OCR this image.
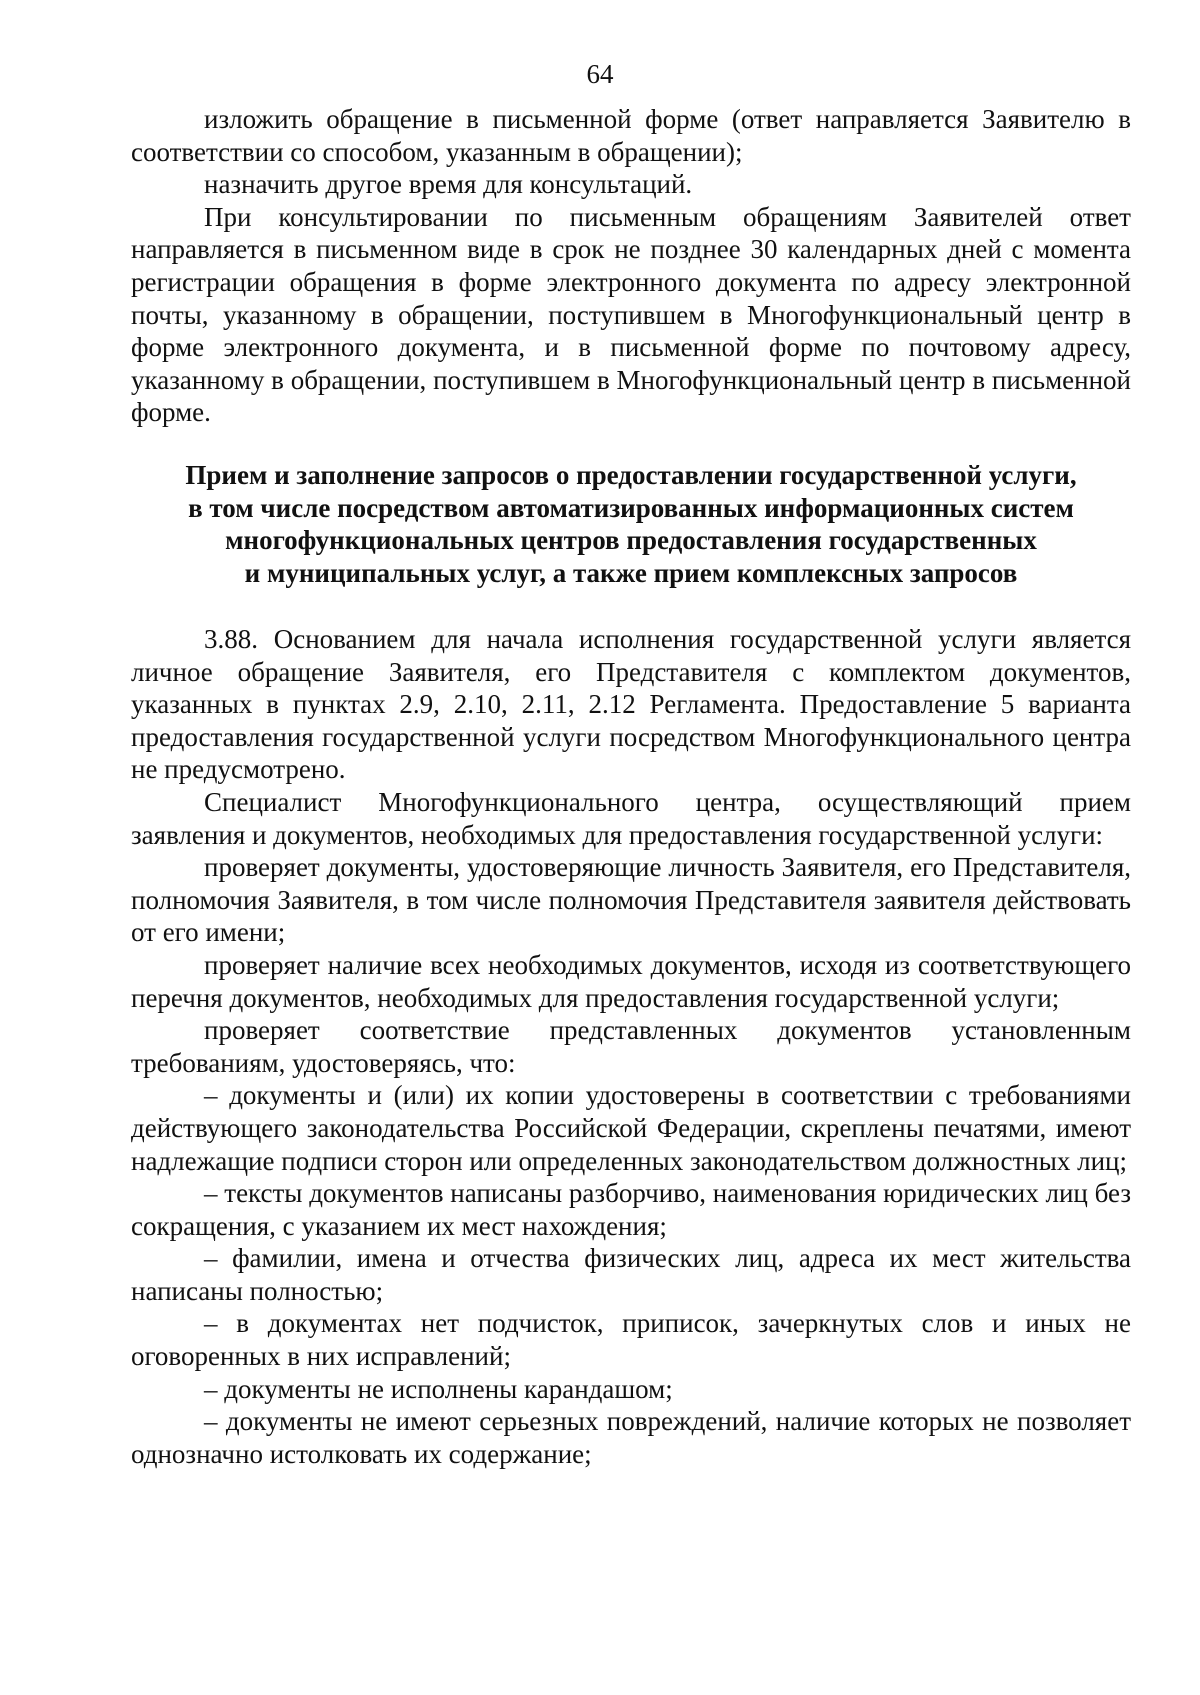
64

изложить обращение в письменной форме (ответ направляется Заявителю в соответствии со способом, указанным в обращении);

назначить другое время для консультаций.

При консультировании по письменным обращениям Заявителей ответ направляется в письменном виде в срок не позднее 30 календарных дней с момента регистрации обращения в форме электронного документа по адресу электронной почты, указанному в обращении, поступившем в Многофункциональный центр в форме электронного документа, и в письменной форме по почтовому адресу, указанному в обращении, поступившем в Многофункциональный центр в письменной форме.

Прием и заполнение запросов о предоставлении государственной услуги,
в том числе посредством автоматизированных информационных систем
многофункциональных центров предоставления государственных
и муниципальных услуг, а также прием комплексных запросов

3.88. Основанием для начала исполнения государственной услуги является личное обращение Заявителя, его Представителя с комплектом документов, указанных в пунктах 2.9, 2.10, 2.11, 2.12 Регламента. Предоставление 5 варианта предоставления государственной услуги посредством Многофункционального центра не предусмотрено.

Специалист Многофункционального центра, осуществляющий прием заявления и документов, необходимых для предоставления государственной услуги:

проверяет документы, удостоверяющие личность Заявителя, его Представителя, полномочия Заявителя, в том числе полномочия Представителя заявителя действовать от его имени;

проверяет наличие всех необходимых документов, исходя из соответствующего перечня документов, необходимых для предоставления государственной услуги;

проверяет соответствие представленных документов установленным требованиям, удостоверяясь, что:

– документы и (или) их копии удостоверены в соответствии с требованиями действующего законодательства Российской Федерации, скреплены печатями, имеют надлежащие подписи сторон или определенных законодательством должностных лиц;

– тексты документов написаны разборчиво, наименования юридических лиц без сокращения, с указанием их мест нахождения;

– фамилии, имена и отчества физических лиц, адреса их мест жительства написаны полностью;

– в документах нет подчисток, приписок, зачеркнутых слов и иных не оговоренных в них исправлений;

– документы не исполнены карандашом;

– документы не имеют серьезных повреждений, наличие которых не позволяет однозначно истолковать их содержание;
